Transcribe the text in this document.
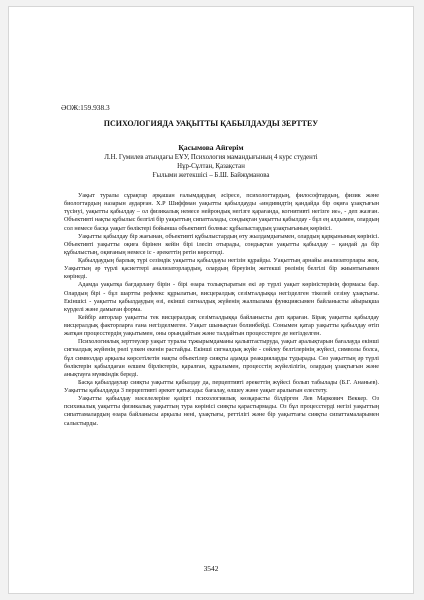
ӘОЖ:159.938.3
ПСИХОЛОГИЯДА УАҚЫТТЫ ҚАБЫЛДАУДЫ ЗЕРТТЕУ
Қасымова Айгерім
Л.Н. Гумилев атындағы ЕҰУ, Психология мамандығының 4 курс студенті
Нұр-Сұлтан, Қазақстан
Ғылыми жетекшісі – Б.Ш. Байжұманова

Уақыт туралы сұрақтар әрқашан ғалымдардың әсіресе, психологтардың, философтардың, физик және биологтардың назарын аударған. Х.Р Шиффман уақытты қабылдауды «индивидтің қандайда бір оқиға ұзақтығын түсінуі, уақытты қабылдау – ол физикалық немесе нейрондық негізге қарағанда, когнитивті негізге ие», - деп жазған. Объективті нақты құбылыс белгілі бір уақыттың сипатталады, сондықтан уақытты қабылдау - бұл ең алдымен, олардың сол немесе басқа уақыт бөліктері бойынша объективті болмыс құбылыстардың ұзақтығының көрінісі.

Уақытты қабылдау бір жағынан, объективті құбылыстардың өту жылдамдығымен, олардың қарқынының көрінісі. Объективті уақытты оқиға бірінен кейін бірі ілесіп отырады, сондықтан уақытты қабылдау – қандай да бір құбылыстың, оқиғаның немесе іс - әрекеттің ретін көрсетеді.

Қабылдаудың барлық түрі сезімдік уақытты қабылдауы негізін құрайды. Уақыттың арнайы анализаторлары жоқ. Уақыттың әр түрлі қасиеттері анализаторлардың, олардың біреуінің жетекші рөлінің белгілі бір жиынтығымен көрінеді.

Адамда уақытқа бағдарлану бірін - бірі өзара толықтыратын екі әр түрлі уақыт көріністерінің формасы бар. Олардың бірі - бұл шартты рефлекс құрылатын, висцералдық сезімталдыққа негізделген тікелей сезіну ұзақтығы. Екіншісі - уақытты қабылдаудың өзі, екінші сигналдық жүйенің жалпылама функциясымен байланысты айырықша күрделі және дамыған форма.

Кейбір авторлар уақытты тек висцералдық сезімталдыққа байланысты деп қараған. Бірақ уақытты қабылдау висцералдық факторларға ғана негізделмеген. Уақыт шынықтан болинбейді. Сонымен қатар уақытты қабылдау өтіп жатқан процесстердің уақытымен, оны орындайтын және талдайтын процесстерге де негізделген.

Психологиялық зерттеулер уақыт туралы тұжырымдаманы қалыптастыруда, уақыт аралықтарын бағалауда екінші сигналдық жүйенің рөлі үлкен екенін растайды. Екінші сигналдық жүйе - сөйлеу белгілерінің жүйесі, символы болса, бұл символдар арқылы көрсетілетін нақты объектілер сияқты адамда реакцияларды тудырады. Сөз уақыттың әр түрлі бөліктерін қабылдаған өлшем бірліктерін, қаралған, құралымен, процесстің жүйелілігін, олардың ұзақтығын және анықтауға мүмкіндік береді.

Басқа қабылдаулар сияқты уақытты қабылдау да, перцептивті әрекеттің жүйесі болып табылады (Б.Г. Ананьев). Уақытты қабылдауда 3 перцептивті әрекет қатысады: бағалау, өлшеу және уақыт аралығын елестету.

Уақытты қабылдау мәселелеріне қазіргі психологиялық көзқарасты білдірген Лев Маркович Веккер. Оз психикалық уақытты физикалық уақыттың тура көрінісі сияқты қарастырмады. Оз бұл процесстерді негізі уақыттың сипаттамалардың өзара байланысы арқылы нені, ұзақтығы, реттілігі және бір уақыттағы сияқты сипаттамаларымен салыстырды.

3542
